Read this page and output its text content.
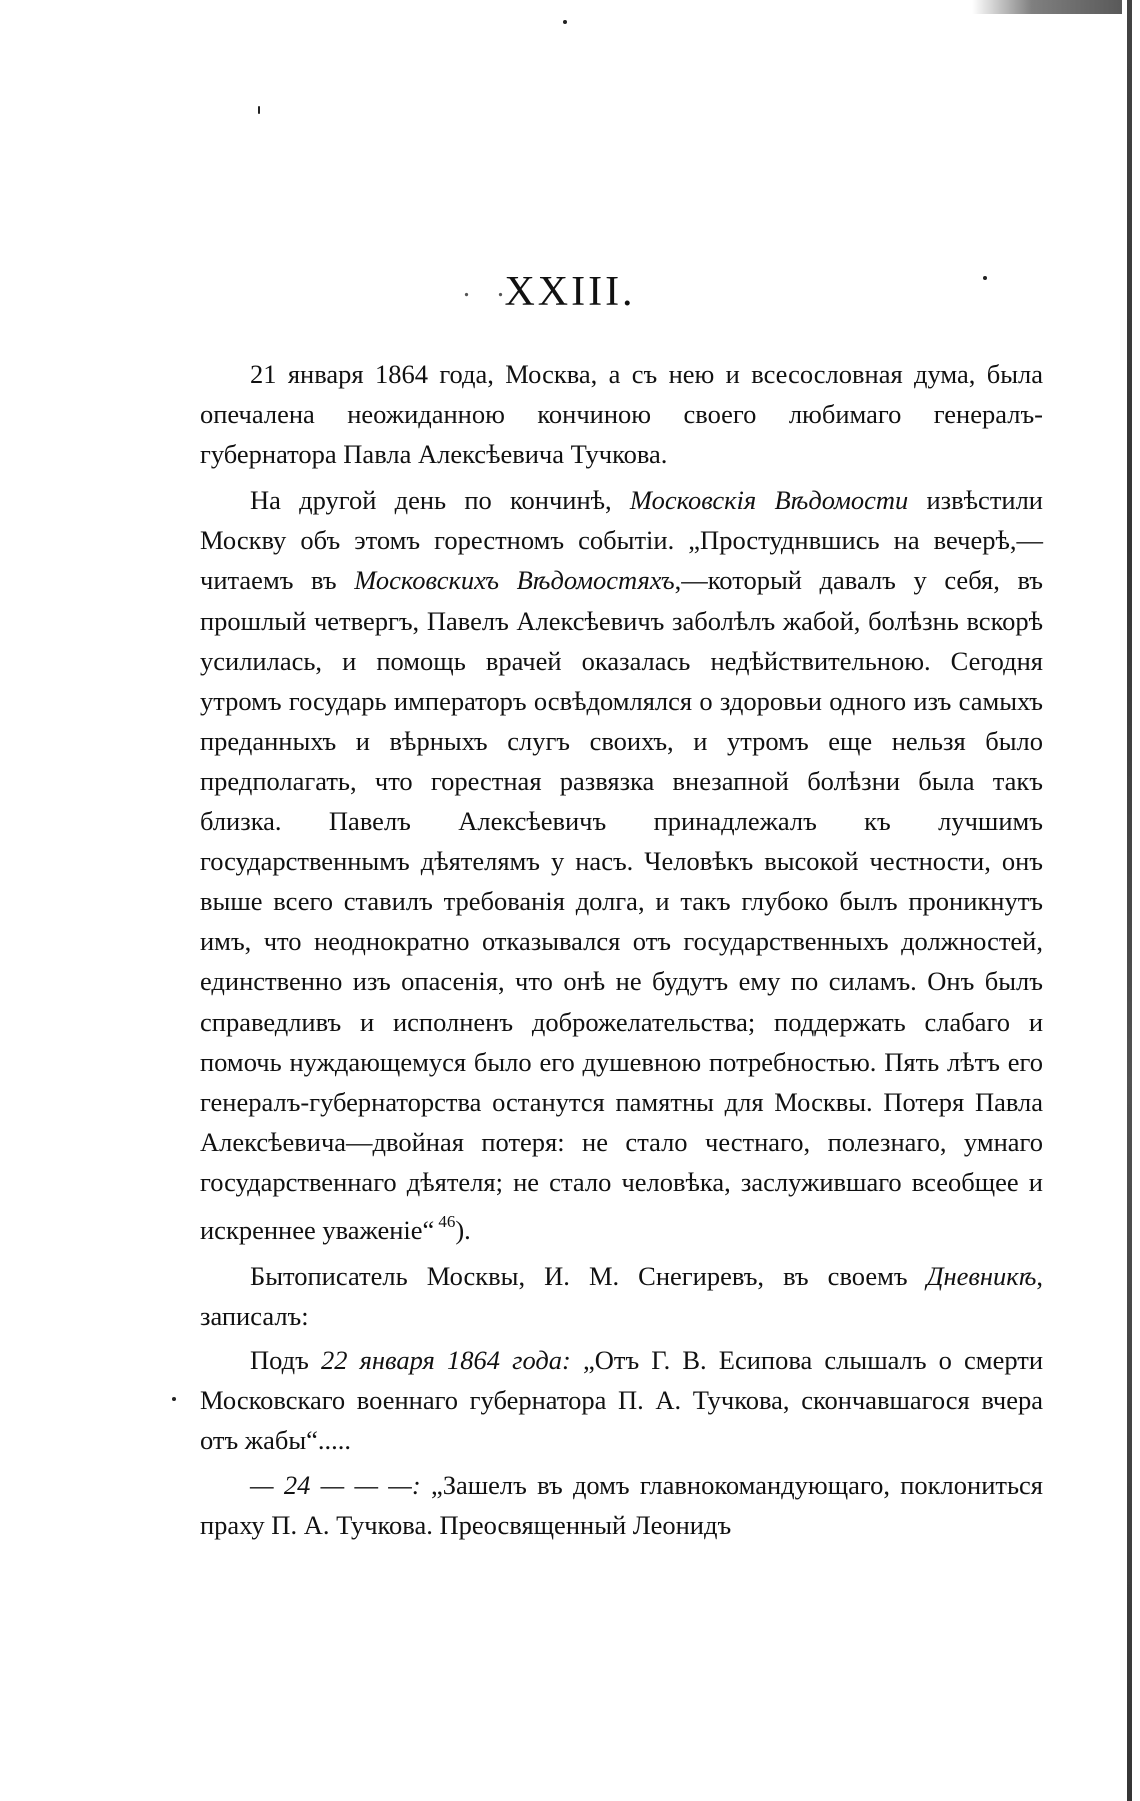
. .
XXIII.

21 января 1864 года, Москва, а съ нею и всесословная дума, была опечалена неожиданною кончиною своего любимаго генералъ-губернатора Павла Алексѣевича Тучкова.

На другой день по кончинѣ, Московскія Вѣдомости извѣстили Москву объ этомъ горестномъ событіи. „Простуднвшись на вечерѣ,—читаемъ въ Московскихъ Вѣдомостяхъ,—который давалъ у себя, въ прошлый четвергъ, Павелъ Алексѣевичъ заболѣлъ жабой, болѣзнь вскорѣ усилилась, и помощь врачей оказалась недѣйствительною. Сегодня утромъ государь императоръ освѣдомлялся о здоровьи одного изъ самыхъ преданныхъ и вѣрныхъ слугъ своихъ, и утромъ еще нельзя было предполагать, что горестная развязка внезапной болѣзни была такъ близка. Павелъ Алексѣевичъ принадлежалъ къ лучшимъ государственнымъ дѣятелямъ у насъ. Человѣкъ высокой честности, онъ выше всего ставилъ требованія долга, и такъ глубоко былъ проникнутъ имъ, что неоднократно отказывался отъ государственныхъ должностей, единственно изъ опасенія, что онѣ не будутъ ему по силамъ. Онъ былъ справедливъ и исполненъ доброжелательства; поддержать слабаго и помочь нуждающемуся было его душевною потребностью. Пять лѣтъ его генералъ-губернаторства останутся памятны для Москвы. Потеря Павла Алексѣевича—двойная потеря: не стало честнаго, полезнаго, умнаго государственнаго дѣятеля; не стало человѣка, заслужившаго всеобщее и искреннее уваженіе“ $^{46}$).

Бытописатель Москвы, И. М. Снегиревъ, въ своемъ Дневникѣ, записалъ:

Подъ 22 января 1864 года: „Отъ Г. В. Есипова слышалъ о смерти Московскаго военнаго губернатора П. А. Тучкова, скончавшагося вчера отъ жабы“.....

— 24 — — —: „Зашелъ въ домъ главнокомандующаго, поклониться праху П. А. Тучкова. Преосвященный Леонидъ
